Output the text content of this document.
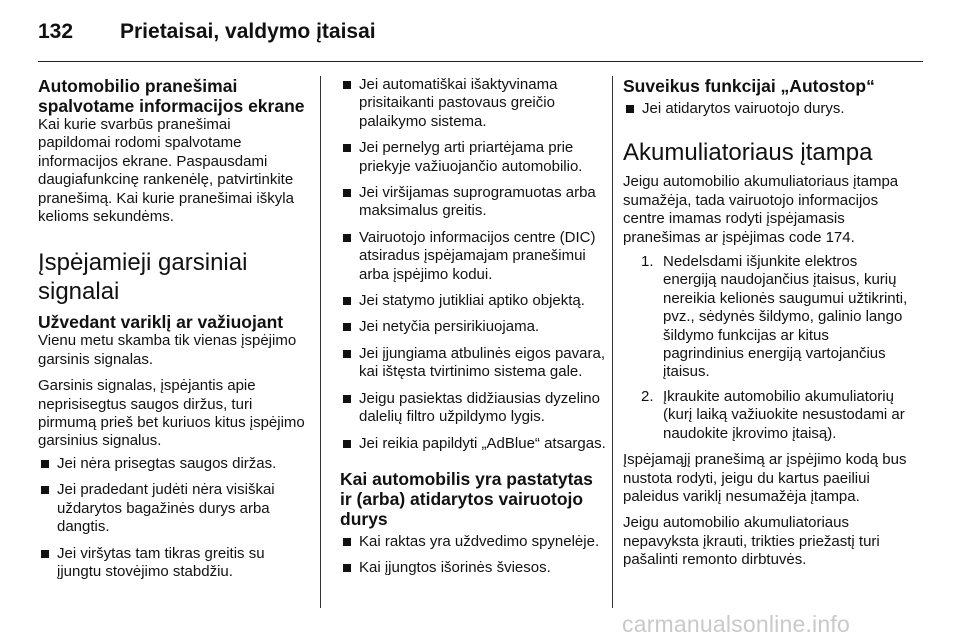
132 Prietaisai, valdymo įtaisai
Automobilio pranešimai spalvotame informacijos ekrane
Kai kurie svarbūs pranešimai papildomai rodomi spalvotame informacijos ekrane. Paspausdami daugiafunkcinę rankenėlę, patvirtinkite pranešimą. Kai kurie pranešimai iškyla kelioms sekundėms.
Įspėjamieji garsiniai signalai
Užvedant variklį ar važiuojant
Vienu metu skamba tik vienas įspėjimo garsinis signalas.
Garsinis signalas, įspėjantis apie neprisisegtus saugos diržus, turi pirmumą prieš bet kuriuos kitus įspėjimo garsinius signalus.
Jei nėra prisegtas saugos diržas.
Jei pradedant judėti nėra visiškai uždarytos bagažinės durys arba dangtis.
Jei viršytas tam tikras greitis su įjungtu stovėjimo stabdžiu.
Jei automatiškai išaktyvinama prisitaikanti pastovaus greičio palaikymo sistema.
Jei pernelyg arti priartėjama prie priekyje važiuojančio automobilio.
Jei viršijamas suprogramuotas arba maksimalus greitis.
Vairuotojo informacijos centre (DIC) atsiradus įspėjamajam pranešimui arba įspėjimo kodui.
Jei statymo jutikliai aptiko objektą.
Jei netyčia persirikiuojama.
Jei įjungiama atbulinės eigos pavara, kai ištęsta tvirtinimo sistema gale.
Jeigu pasiektas didžiausias dyzelino dalelių filtro užpildymo lygis.
Jei reikia papildyti „AdBlue“ atsargas.
Kai automobilis yra pastatytas ir (arba) atidarytos vairuotojo durys
Kai raktas yra uždvedimo spynelėje.
Kai įjungtos išorinės šviesos.
Suveikus funkcijai „Autostop“
Jei atidarytos vairuotojo durys.
Akumuliatoriaus įtampa
Jeigu automobilio akumuliatoriaus įtampa sumažėja, tada vairuotojo informacijos centre imamas rodyti įspėjamasis pranešimas ar įspėjimas code 174.
1. Nedelsdami išjunkite elektros energiją naudojančius įtaisus, kurių nereikia kelionės saugumui užtikrinti, pvz., sėdynės šildymo, galinio lango šildymo funkcijas ar kitus pagrindinius energiją vartojančius įtaisus.
2. Įkraukite automobilio akumuliatorių (kurį laiką važiuokite nesustodami ar naudokite įkrovimo įtaisą).
Įspėjamąjį pranešimą ar įspėjimo kodą bus nustota rodyti, jeigu du kartus paeiliui paleidus variklį nesumažėja įtampa.
Jeigu automobilio akumuliatoriaus nepavyksta įkrauti, trikties priežastį turi pašalinti remonto dirbtuvės.
carmanualsonline.info
